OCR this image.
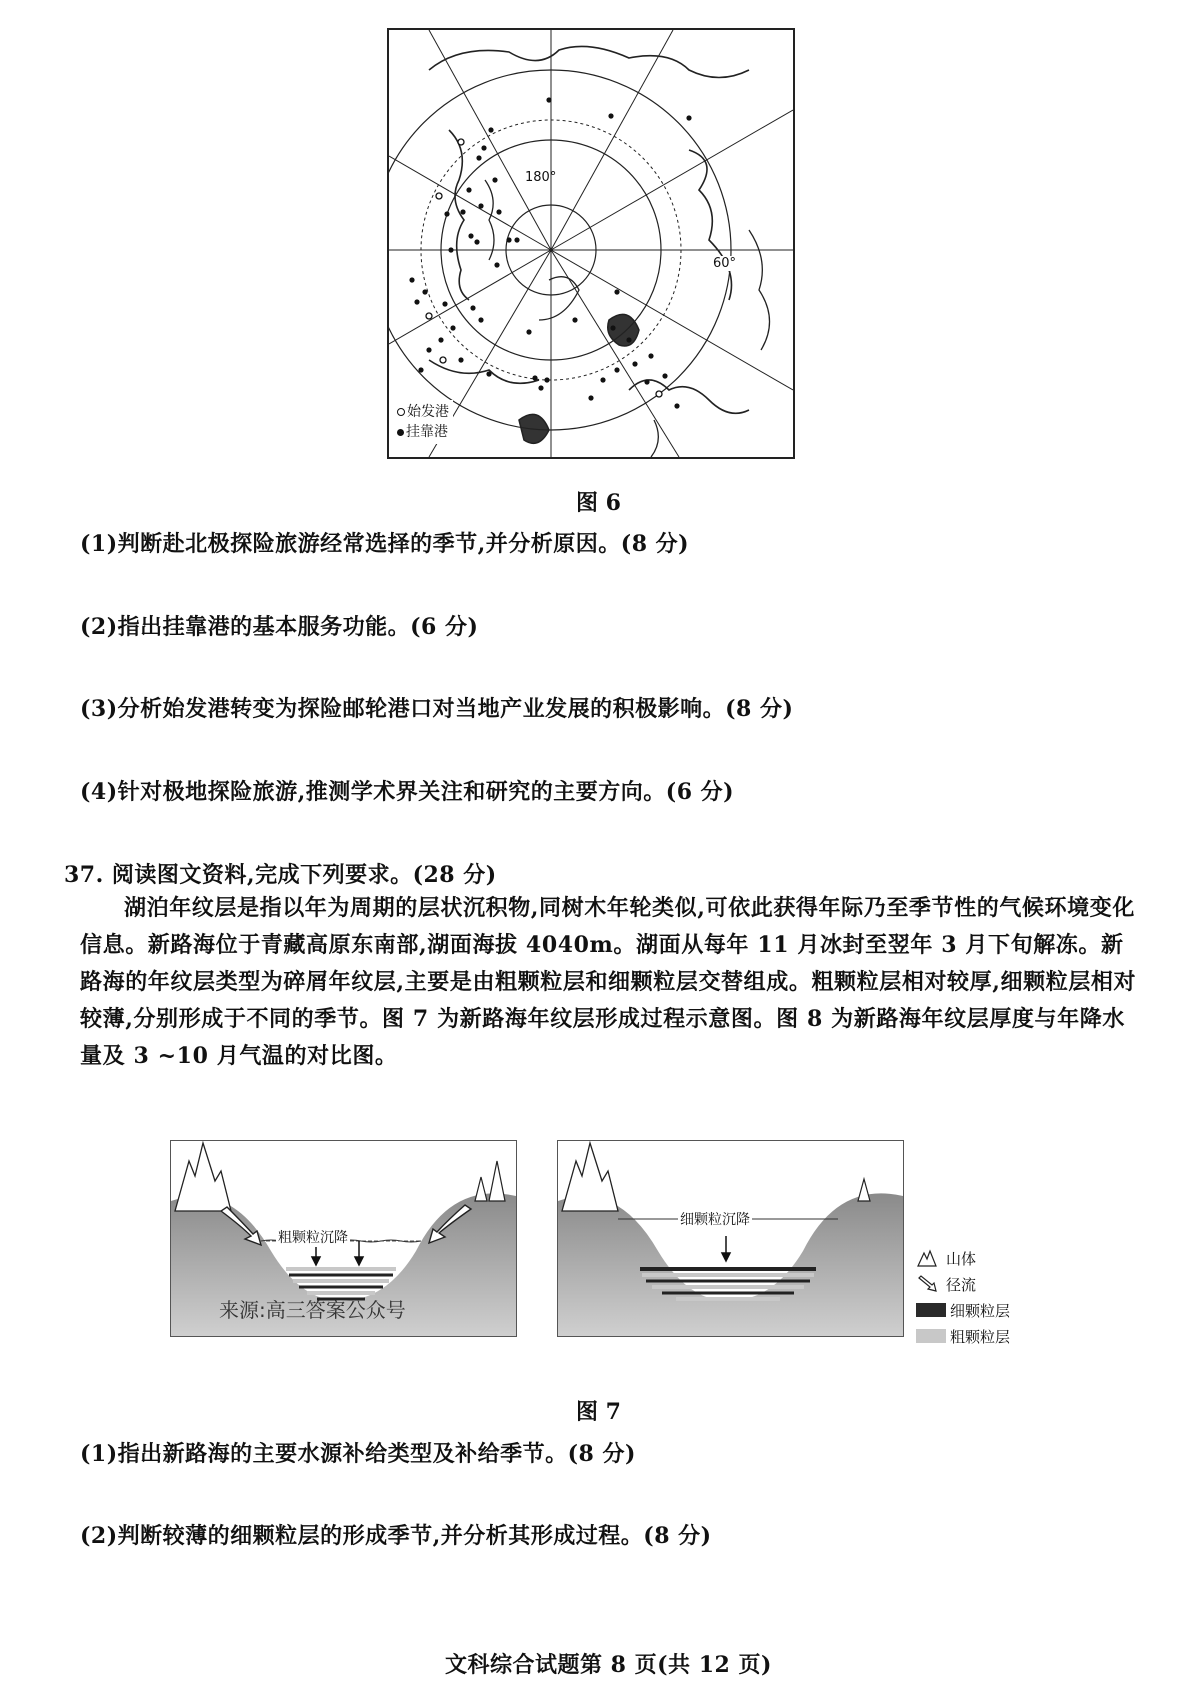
180°
60°
始发港
挂靠港
图 6
(1)判断赴北极探险旅游经常选择的季节,并分析原因。(8 分)
(2)指出挂靠港的基本服务功能。(6 分)
(3)分析始发港转变为探险邮轮港口对当地产业发展的积极影响。(8 分)
(4)针对极地探险旅游,推测学术界关注和研究的主要方向。(6 分)
37. 阅读图文资料,完成下列要求。(28 分)

湖泊年纹层是指以年为周期的层状沉积物,同树木年轮类似,可依此获得年际乃至季节性的气候环境变化信息。新路海位于青藏高原东南部,湖面海拔 4040m。湖面从每年 11 月冰封至翌年 3 月下旬解冻。新路海的年纹层类型为碎屑年纹层,主要是由粗颗粒层和细颗粒层交替组成。粗颗粒层相对较厚,细颗粒层相对较薄,分别形成于不同的季节。图 7 为新路海年纹层形成过程示意图。图 8 为新路海年纹层厚度与年降水量及 3 ~10 月气温的对比图。

粗颗粒沉降
来源:高三答案公众号
细颗粒沉降
山体
径流
细颗粒层
粗颗粒层
图 7
(1)指出新路海的主要水源补给类型及补给季节。(8 分)
(2)判断较薄的细颗粒层的形成季节,并分析其形成过程。(8 分)
文科综合试题第 8 页(共 12 页)
